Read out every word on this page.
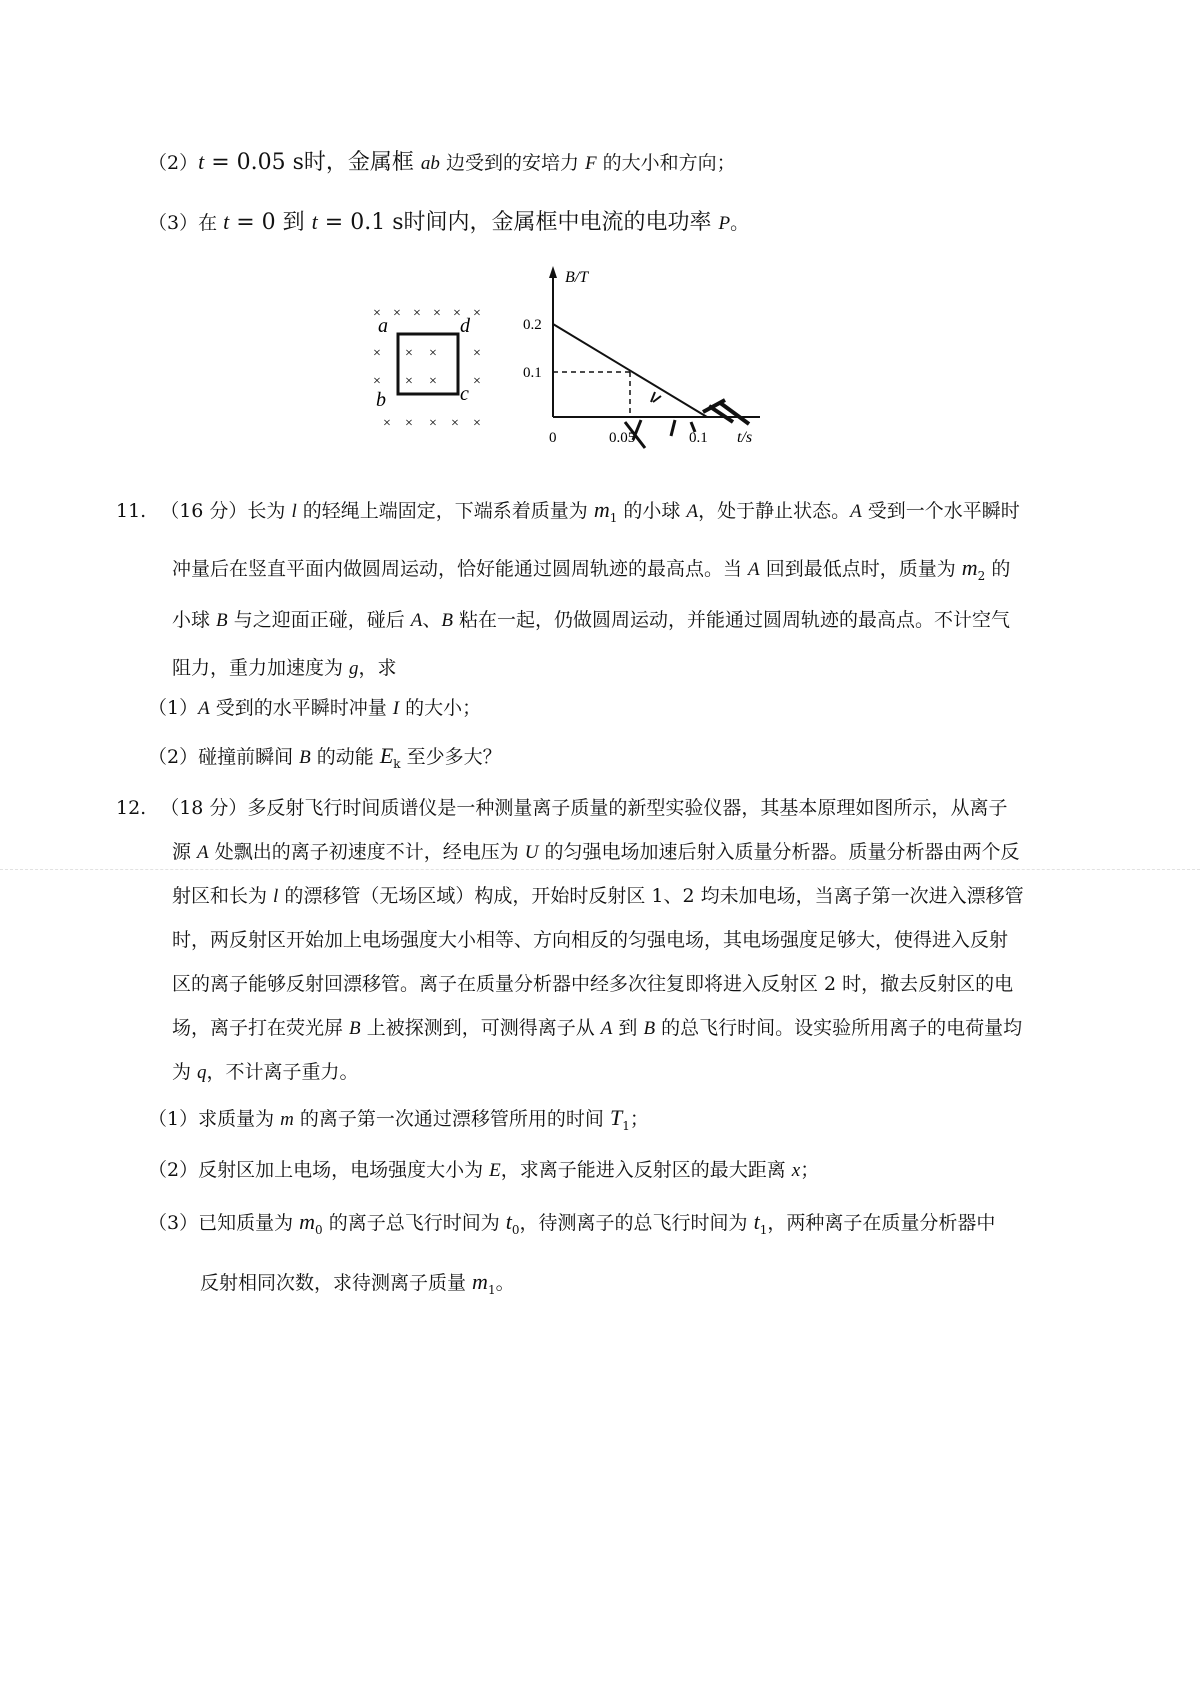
（2）t = 0.05 s时，金属框 ab 边受到的安培力 F 的大小和方向；
（3）在 t = 0 到 t = 0.1 s时间内，金属框中电流的电功率 P。
× × × × × ×
×	×
×	×
× × × × ×
× ×
× ×
a	d
b	c
B/T
t/s
0
0.2
0.1
0.05	0.1
11. （16 分）长为 l 的轻绳上端固定，下端系着质量为 $m_1$ 的小球 A，处于静止状态。A 受到一个水平瞬时
冲量后在竖直平面内做圆周运动，恰好能通过圆周轨迹的最高点。当 A 回到最低点时，质量为 $m_2$ 的
小球 B 与之迎面正碰，碰后 A、B 粘在一起，仍做圆周运动，并能通过圆周轨迹的最高点。不计空气
阻力，重力加速度为 g，求
（1）A 受到的水平瞬时冲量 I 的大小；
（2）碰撞前瞬间 B 的动能 $E_k$ 至少多大？
12. （18 分）多反射飞行时间质谱仪是一种测量离子质量的新型实验仪器，其基本原理如图所示，从离子
源 A 处飘出的离子初速度不计，经电压为 U 的匀强电场加速后射入质量分析器。质量分析器由两个反
射区和长为 l 的漂移管（无场区域）构成，开始时反射区 1、2 均未加电场，当离子第一次进入漂移管
时，两反射区开始加上电场强度大小相等、方向相反的匀强电场，其电场强度足够大，使得进入反射
区的离子能够反射回漂移管。离子在质量分析器中经多次往复即将进入反射区 2 时，撤去反射区的电
场，离子打在荧光屏 B 上被探测到，可测得离子从 A 到 B 的总飞行时间。设实验所用离子的电荷量均
为 q，不计离子重力。
（1）求质量为 m 的离子第一次通过漂移管所用的时间 $T_1$；
（2）反射区加上电场，电场强度大小为 E，求离子能进入反射区的最大距离 x；
（3）已知质量为 $m_0$ 的离子总飞行时间为 $t_0$，待测离子的总飞行时间为 $t_1$，两种离子在质量分析器中
反射相同次数，求待测离子质量 $m_1$。
